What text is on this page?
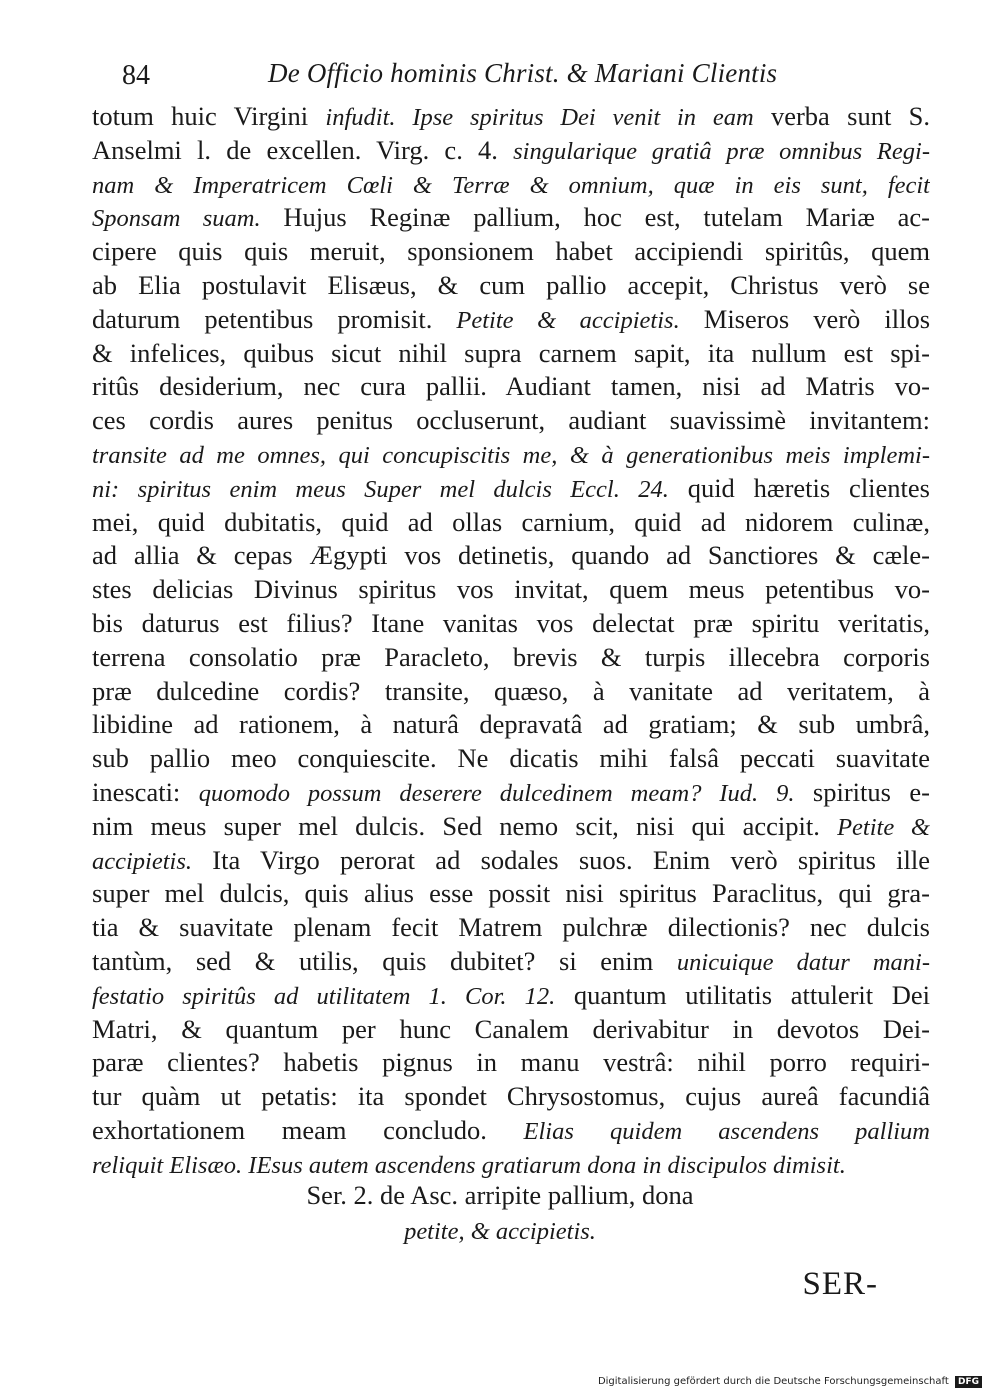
84	De Officio hominis Christ. & Mariani Clientis
totum huic Virgini infudit. Ipse spiritus Dei venit in eam verba sunt S.
Anselmi l. de excellen. Virg. c. 4. singularique gratiâ præ omnibus Regi-
nam & Imperatricem Cœli & Terræ & omnium, quæ in eis sunt, fecit
Sponsam suam. Hujus Reginæ pallium, hoc est, tutelam Mariæ ac-
cipere quis quis meruit, sponsionem habet accipiendi spiritûs, quem
ab Elia postulavit Elisæus, & cum pallio accepit, Christus verò se
daturum petentibus promisit. Petite & accipietis. Miseros verò illos
& infelices, quibus sicut nihil supra carnem sapit, ita nullum est spi-
ritûs desiderium, nec cura pallii. Audiant tamen, nisi ad Matris vo-
ces cordis aures penitus occluserunt, audiant suavissimè invitantem:
transite ad me omnes, qui concupiscitis me, & à generationibus meis implemi-
ni: spiritus enim meus Super mel dulcis Eccl. 24. quid hæretis clientes
mei, quid dubitatis, quid ad ollas carnium, quid ad nidorem culinæ,
ad allia & cepas Ægypti vos detinetis, quando ad Sanctiores & cæle-
stes delicias Divinus spiritus vos invitat, quem meus petentibus vo-
bis daturus est filius? Itane vanitas vos delectat præ spiritu veritatis,
terrena consolatio præ Paracleto, brevis & turpis illecebra corporis
præ dulcedine cordis? transite, quæso, à vanitate ad veritatem, à
libidine ad rationem, à naturâ depravatâ ad gratiam; & sub umbrâ,
sub pallio meo conquiescite. Ne dicatis mihi falsâ peccati suavitate
inescati: quomodo possum deserere dulcedinem meam? Iud. 9. spiritus e-
nim meus super mel dulcis. Sed nemo scit, nisi qui accipit. Petite &
accipietis. Ita Virgo perorat ad sodales suos. Enim verò spiritus ille
super mel dulcis, quis alius esse possit nisi spiritus Paraclitus, qui gra-
tia & suavitate plenam fecit Matrem pulchræ dilectionis? nec dulcis
tantùm, sed & utilis, quis dubitet? si enim unicuique datur mani-
festatio spiritûs ad utilitatem 1. Cor. 12. quantum utilitatis attulerit Dei
Matri, & quantum per hunc Canalem derivabitur in devotos Dei-
paræ clientes? habetis pignus in manu vestrâ: nihil porro requiri-
tur quàm ut petatis: ita spondet Chrysostomus, cujus aureâ facundiâ
exhortationem meam concludo. Elias quidem ascendens pallium
reliquit Elisæo. IEsus autem ascendens gratiarum dona in discipulos dimisit.
Ser. 2. de Asc. arripite pallium, dona
petite, & accipietis.
SER-
Digitalisierung gefördert durch die Deutsche Forschungsgemeinschaft DFG
